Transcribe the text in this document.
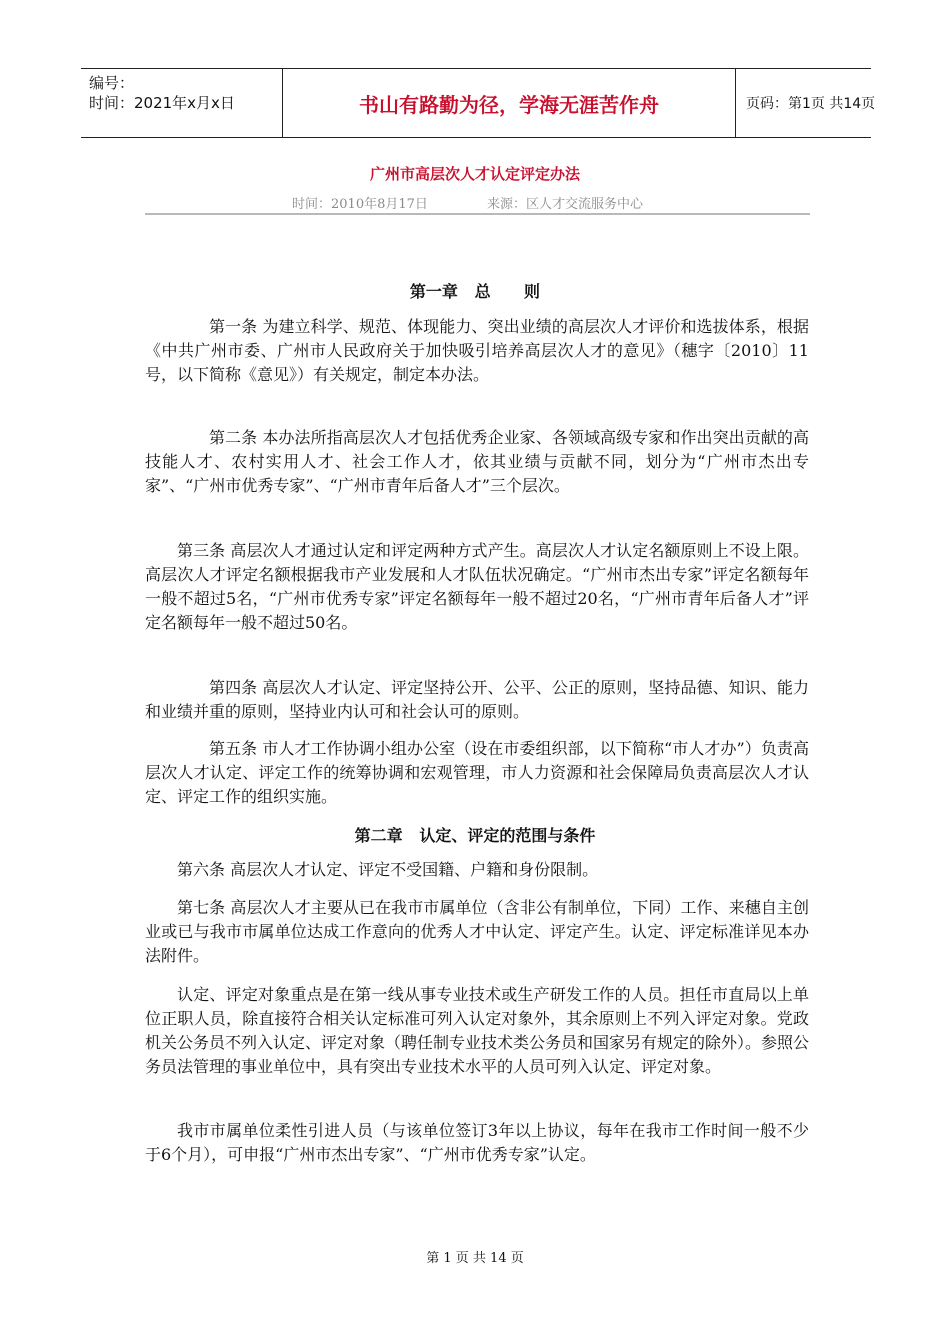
编号：
时间：2021年x月x日	书山有路勤为径，学海无涯苦作舟	页码：第1页 共14页
广州市高层次人才认定评定办法
时间：2010年8月17日	来源：区人才交流服务中心
第一章   总      则

第一条 为建立科学、规范、体现能力、突出业绩的高层次人才评价和选拔体系，根据《中共广州市委、广州市人民政府关于加快吸引培养高层次人才的意见》（穗字〔2010〕11号，以下简称《意见》）有关规定，制定本办法。

第二条 本办法所指高层次人才包括优秀企业家、各领域高级专家和作出突出贡献的高技能人才、农村实用人才、社会工作人才，依其业绩与贡献不同，划分为“广州市杰出专家”、“广州市优秀专家”、“广州市青年后备人才”三个层次。

第三条 高层次人才通过认定和评定两种方式产生。高层次人才认定名额原则上不设上限。高层次人才评定名额根据我市产业发展和人才队伍状况确定。“广州市杰出专家”评定名额每年一般不超过5名，“广州市优秀专家”评定名额每年一般不超过20名，“广州市青年后备人才”评定名额每年一般不超过50名。

第四条 高层次人才认定、评定坚持公开、公平、公正的原则，坚持品德、知识、能力和业绩并重的原则，坚持业内认可和社会认可的原则。

第五条 市人才工作协调小组办公室（设在市委组织部，以下简称“市人才办”）负责高层次人才认定、评定工作的统筹协调和宏观管理，市人力资源和社会保障局负责高层次人才认定、评定工作的组织实施。

第二章   认定、评定的范围与条件

第六条 高层次人才认定、评定不受国籍、户籍和身份限制。

第七条 高层次人才主要从已在我市市属单位（含非公有制单位，下同）工作、来穗自主创业或已与我市市属单位达成工作意向的优秀人才中认定、评定产生。认定、评定标准详见本办法附件。

认定、评定对象重点是在第一线从事专业技术或生产研发工作的人员。担任市直局以上单位正职人员，除直接符合相关认定标准可列入认定对象外，其余原则上不列入评定对象。党政机关公务员不列入认定、评定对象（聘任制专业技术类公务员和国家另有规定的除外）。参照公务员法管理的事业单位中，具有突出专业技术水平的人员可列入认定、评定对象。

我市市属单位柔性引进人员（与该单位签订3年以上协议，每年在我市工作时间一般不少于6个月），可申报“广州市杰出专家”、“广州市优秀专家”认定。

第 1 页 共 14 页
